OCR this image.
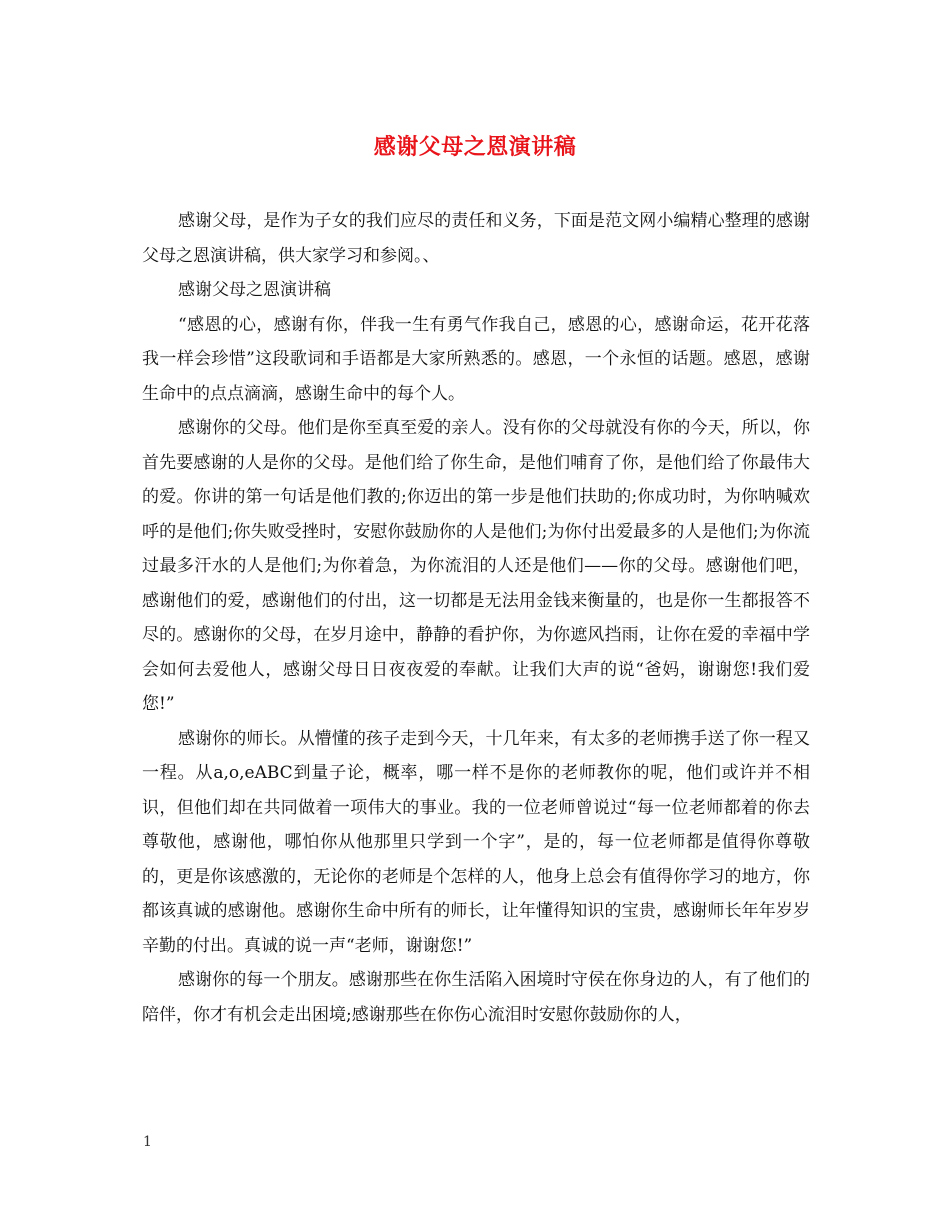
感谢父母之恩演讲稿

感谢父母，是作为子女的我们应尽的责任和义务，下面是范文网小编精心整理的感谢父母之恩演讲稿，供大家学习和参阅。、

感谢父母之恩演讲稿

“感恩的心，感谢有你，伴我一生有勇气作我自己，感恩的心，感谢命运，花开花落我一样会珍惜”这段歌词和手语都是大家所熟悉的。感恩，一个永恒的话题。感恩，感谢生命中的点点滴滴，感谢生命中的每个人。

感谢你的父母。他们是你至真至爱的亲人。没有你的父母就没有你的今天，所以，你首先要感谢的人是你的父母。是他们给了你生命，是他们哺育了你，是他们给了你最伟大的爱。你讲的第一句话是他们教的;你迈出的第一步是他们扶助的;你成功时，为你呐喊欢呼的是他们;你失败受挫时，安慰你鼓励你的人是他们;为你付出爱最多的人是他们;为你流过最多汗水的人是他们;为你着急，为你流泪的人还是他们——你的父母。感谢他们吧，感谢他们的爱，感谢他们的付出，这一切都是无法用金钱来衡量的，也是你一生都报答不尽的。感谢你的父母，在岁月途中，静静的看护你，为你遮风挡雨，让你在爱的幸福中学会如何去爱他人，感谢父母日日夜夜爱的奉献。让我们大声的说“爸妈，谢谢您!我们爱您!”

感谢你的师长。从懵懂的孩子走到今天，十几年来，有太多的老师携手送了你一程又一程。从a,o,eABC到量子论，概率，哪一样不是你的老师教你的呢，他们或许并不相识，但他们却在共同做着一项伟大的事业。我的一位老师曾说过“每一位老师都着的你去尊敬他，感谢他，哪怕你从他那里只学到一个字”，是的，每一位老师都是值得你尊敬的，更是你该感激的，无论你的老师是个怎样的人，他身上总会有值得你学习的地方，你都该真诚的感谢他。感谢你生命中所有的师长，让年懂得知识的宝贵，感谢师长年年岁岁辛勤的付出。真诚的说一声“老师，谢谢您!”

感谢你的每一个朋友。感谢那些在你生活陷入困境时守侯在你身边的人，有了他们的陪伴，你才有机会走出困境;感谢那些在你伤心流泪时安慰你鼓励你的人，

1
